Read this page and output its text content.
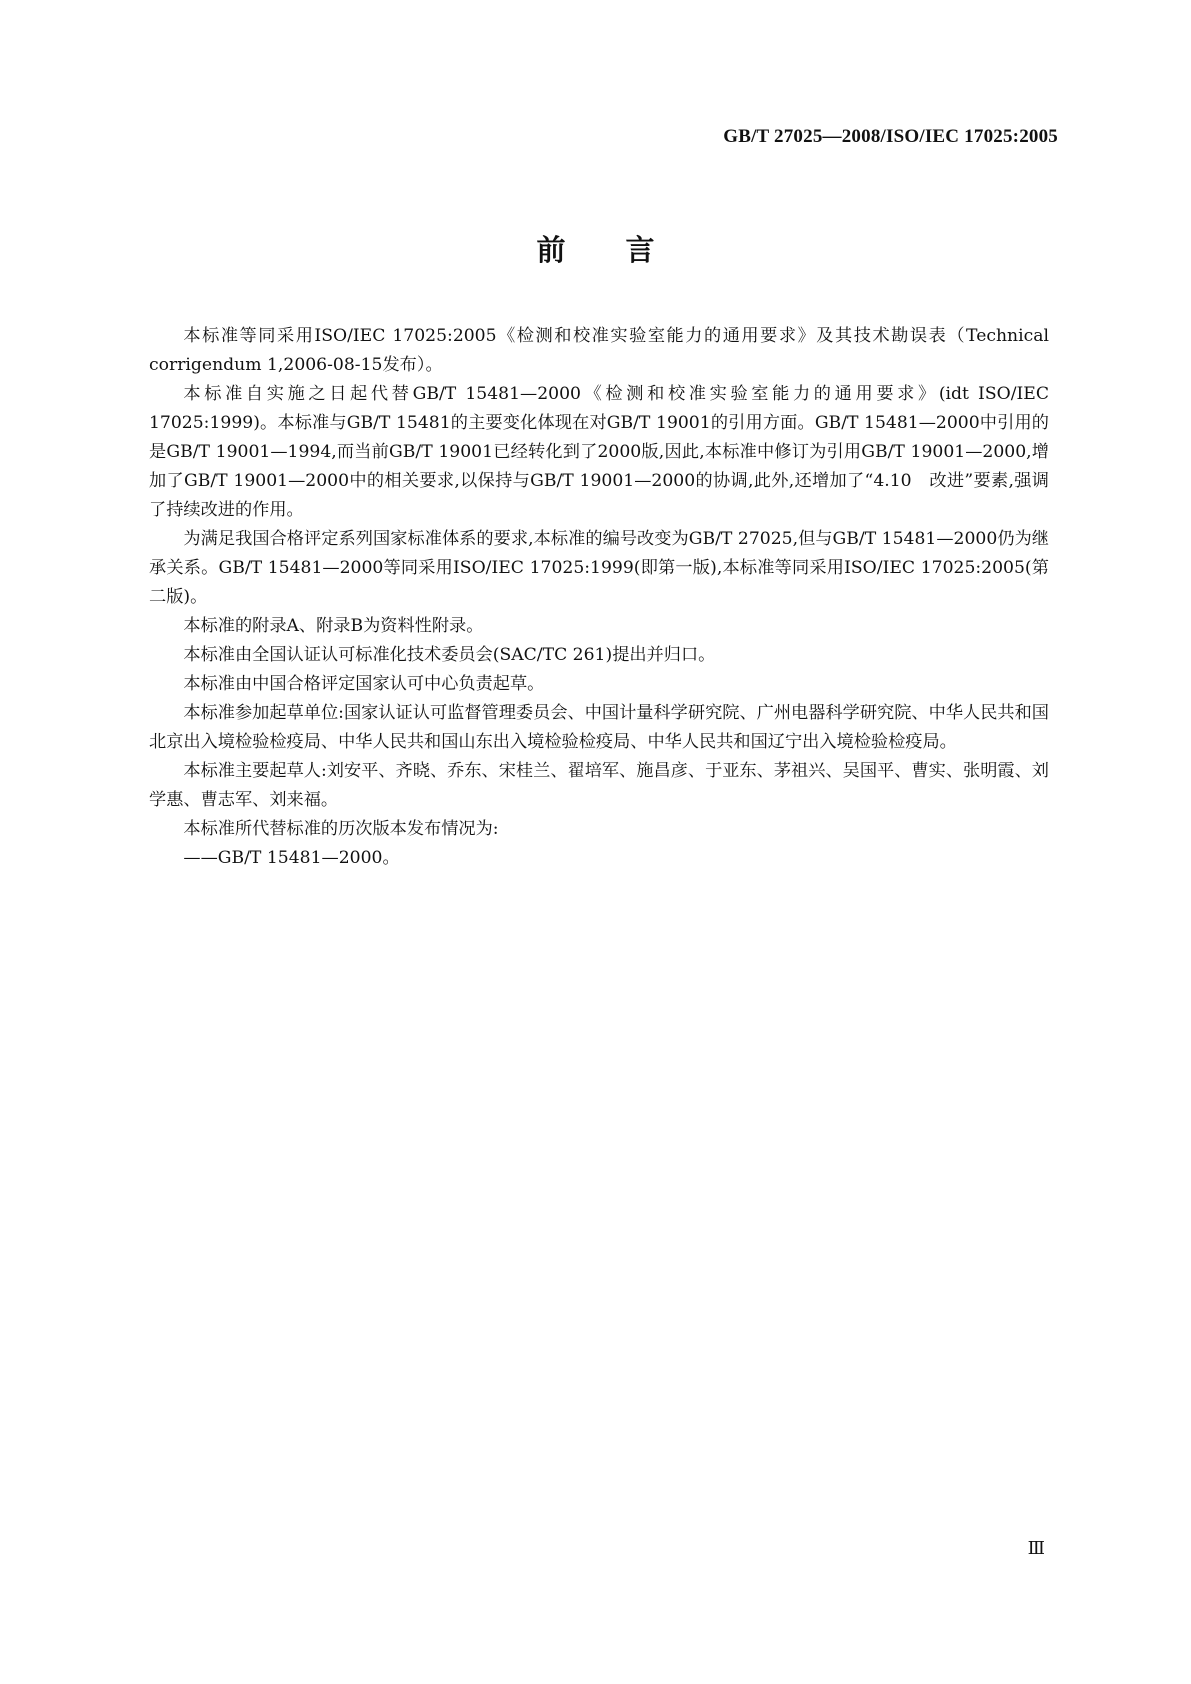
GB/T 27025—2008/ISO/IEC 17025:2005
前言

本标准等同采用ISO/IEC 17025:2005《检测和校准实验室能力的通用要求》及其技术勘误表（Technical corrigendum 1,2006-08-15发布）。

本标准自实施之日起代替GB/T 15481—2000《检测和校准实验室能力的通用要求》(idt ISO/IEC 17025:1999)。本标准与GB/T 15481的主要变化体现在对GB/T 19001的引用方面。GB/T 15481—2000中引用的是GB/T 19001—1994,而当前GB/T 19001已经转化到了2000版,因此,本标准中修订为引用GB/T 19001—2000,增加了GB/T 19001—2000中的相关要求,以保持与GB/T 19001—2000的协调,此外,还增加了“4.10　改进”要素,强调了持续改进的作用。

为满足我国合格评定系列国家标准体系的要求,本标准的编号改变为GB/T 27025,但与GB/T 15481—2000仍为继承关系。GB/T 15481—2000等同采用ISO/IEC 17025:1999(即第一版),本标准等同采用ISO/IEC 17025:2005(第二版)。

本标准的附录A、附录B为资料性附录。

本标准由全国认证认可标准化技术委员会(SAC/TC 261)提出并归口。

本标准由中国合格评定国家认可中心负责起草。

本标准参加起草单位:国家认证认可监督管理委员会、中国计量科学研究院、广州电器科学研究院、中华人民共和国北京出入境检验检疫局、中华人民共和国山东出入境检验检疫局、中华人民共和国辽宁出入境检验检疫局。

本标准主要起草人:刘安平、齐晓、乔东、宋桂兰、翟培军、施昌彦、于亚东、茅祖兴、吴国平、曹实、张明霞、刘学惠、曹志军、刘来福。

本标准所代替标准的历次版本发布情况为:

——GB/T 15481—2000。

Ⅲ
